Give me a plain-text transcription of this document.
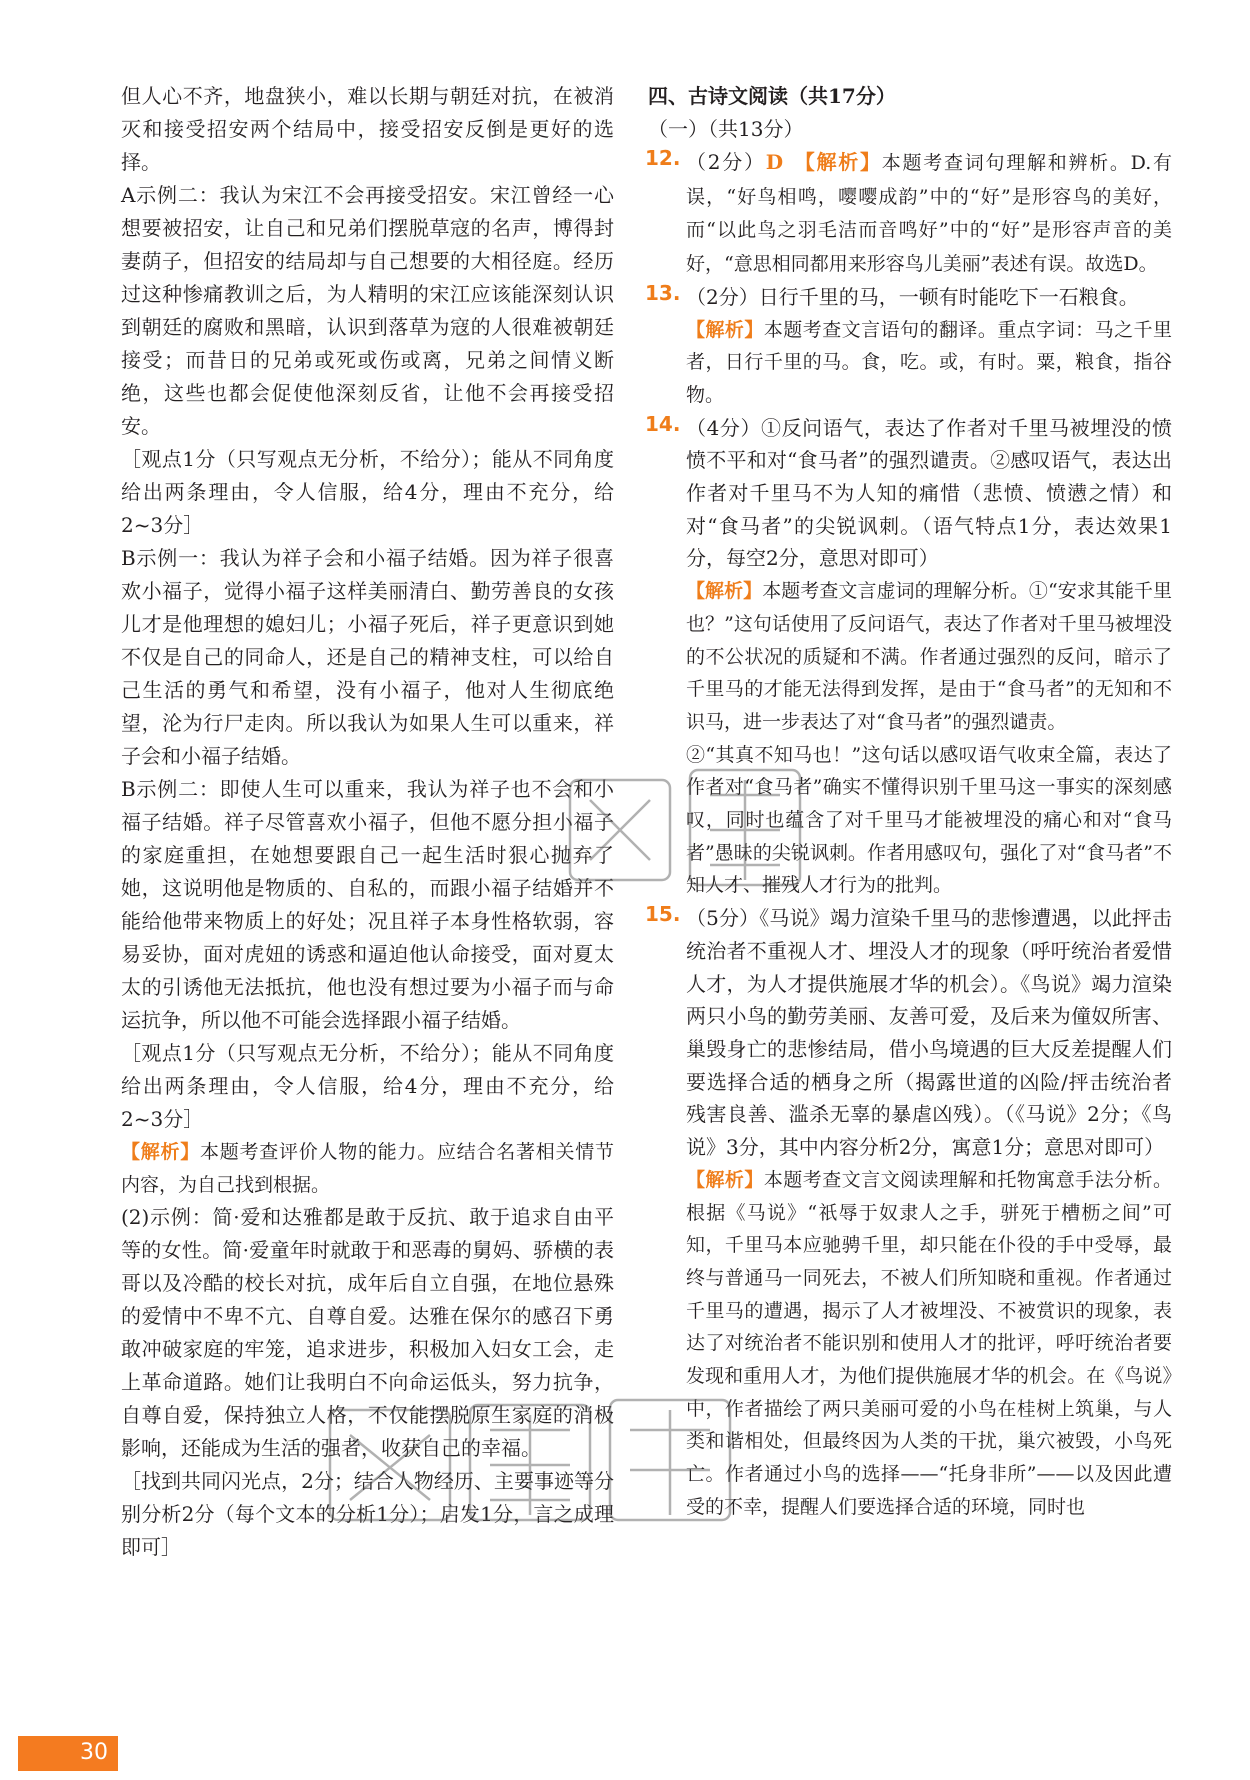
但人心不齐，地盘狭小，难以长期与朝廷对抗，在被消灭和接受招安两个结局中，接受招安反倒是更好的选择。

A示例二：我认为宋江不会再接受招安。宋江曾经一心想要被招安，让自己和兄弟们摆脱草寇的名声，博得封妻荫子，但招安的结局却与自己想要的大相径庭。经历过这种惨痛教训之后，为人精明的宋江应该能深刻认识到朝廷的腐败和黑暗，认识到落草为寇的人很难被朝廷接受；而昔日的兄弟或死或伤或离，兄弟之间情义断绝，这些也都会促使他深刻反省，让他不会再接受招安。

［观点1分（只写观点无分析，不给分）；能从不同角度给出两条理由，令人信服，给4分，理由不充分，给2~3分］

B示例一：我认为祥子会和小福子结婚。因为祥子很喜欢小福子，觉得小福子这样美丽清白、勤劳善良的女孩儿才是他理想的媳妇儿；小福子死后，祥子更意识到她不仅是自己的同命人，还是自己的精神支柱，可以给自己生活的勇气和希望，没有小福子，他对人生彻底绝望，沦为行尸走肉。所以我认为如果人生可以重来，祥子会和小福子结婚。

B示例二：即使人生可以重来，我认为祥子也不会和小福子结婚。祥子尽管喜欢小福子，但他不愿分担小福子的家庭重担，在她想要跟自己一起生活时狠心抛弃了她，这说明他是物质的、自私的，而跟小福子结婚并不能给他带来物质上的好处；况且祥子本身性格软弱，容易妥协，面对虎妞的诱惑和逼迫他认命接受，面对夏太太的引诱他无法抵抗，他也没有想过要为小福子而与命运抗争，所以他不可能会选择跟小福子结婚。

［观点1分（只写观点无分析，不给分）；能从不同角度给出两条理由，令人信服，给4分，理由不充分，给2~3分］

【解析】本题考查评价人物的能力。应结合名著相关情节内容，为自己找到根据。

(2)示例：简·爱和达雅都是敢于反抗、敢于追求自由平等的女性。简·爱童年时就敢于和恶毒的舅妈、骄横的表哥以及冷酷的校长对抗，成年后自立自强，在地位悬殊的爱情中不卑不亢、自尊自爱。达雅在保尔的感召下勇敢冲破家庭的牢笼，追求进步，积极加入妇女工会，走上革命道路。她们让我明白不向命运低头，努力抗争，自尊自爱，保持独立人格，不仅能摆脱原生家庭的消极影响，还能成为生活的强者，收获自己的幸福。

［找到共同闪光点，2分；结合人物经历、主要事迹等分别分析2分（每个文本的分析1分）；启发1分，言之成理即可］

四、古诗文阅读（共17分）

（一）（共13分）

12. （2分）D 【解析】本题考查词句理解和辨析。D.有误，“好鸟相鸣，嘤嘤成韵”中的“好”是形容鸟的美好，而“以此鸟之羽毛洁而音鸣好”中的“好”是形容声音的美好，“意思相同都用来形容鸟儿美丽”表述有误。故选D。

13. （2分）日行千里的马，一顿有时能吃下一石粮食。

【解析】本题考查文言语句的翻译。重点字词：马之千里者，日行千里的马。食，吃。或，有时。粟，粮食，指谷物。

14. （4分）①反问语气，表达了作者对千里马被埋没的愤愤不平和对“食马者”的强烈谴责。②感叹语气，表达出作者对千里马不为人知的痛惜（悲愤、愤懑之情）和对“食马者”的尖锐讽刺。（语气特点1分，表达效果1分，每空2分，意思对即可）

【解析】本题考查文言虚词的理解分析。①“安求其能千里也？”这句话使用了反问语气，表达了作者对千里马被埋没的不公状况的质疑和不满。作者通过强烈的反问，暗示了千里马的才能无法得到发挥，是由于“食马者”的无知和不识马，进一步表达了对“食马者”的强烈谴责。

②“其真不知马也！”这句话以感叹语气收束全篇，表达了作者对“食马者”确实不懂得识别千里马这一事实的深刻感叹，同时也蕴含了对千里马才能被埋没的痛心和对“食马者”愚昧的尖锐讽刺。作者用感叹句，强化了对“食马者”不知人才、摧残人才行为的批判。

15. （5分）《马说》竭力渲染千里马的悲惨遭遇，以此抨击统治者不重视人才、埋没人才的现象（呼吁统治者爱惜人才，为人才提供施展才华的机会）。《鸟说》竭力渲染两只小鸟的勤劳美丽、友善可爱，及后来为僮奴所害、巢毁身亡的悲惨结局，借小鸟境遇的巨大反差提醒人们要选择合适的栖身之所（揭露世道的凶险/抨击统治者残害良善、滥杀无辜的暴虐凶残）。（《马说》2分；《鸟说》3分，其中内容分析2分，寓意1分；意思对即可）

【解析】本题考查文言文阅读理解和托物寓意手法分析。根据《马说》“祇辱于奴隶人之手，骈死于槽枥之间”可知，千里马本应驰骋千里，却只能在仆役的手中受辱，最终与普通马一同死去，不被人们所知晓和重视。作者通过千里马的遭遇，揭示了人才被埋没、不被赏识的现象，表达了对统治者不能识别和使用人才的批评，呼吁统治者要发现和重用人才，为他们提供施展才华的机会。在《鸟说》中，作者描绘了两只美丽可爱的小鸟在桂树上筑巢，与人类和谐相处，但最终因为人类的干扰，巢穴被毁，小鸟死亡。作者通过小鸟的选择——“托身非所”——以及因此遭受的不幸，提醒人们要选择合适的环境，同时也

30
